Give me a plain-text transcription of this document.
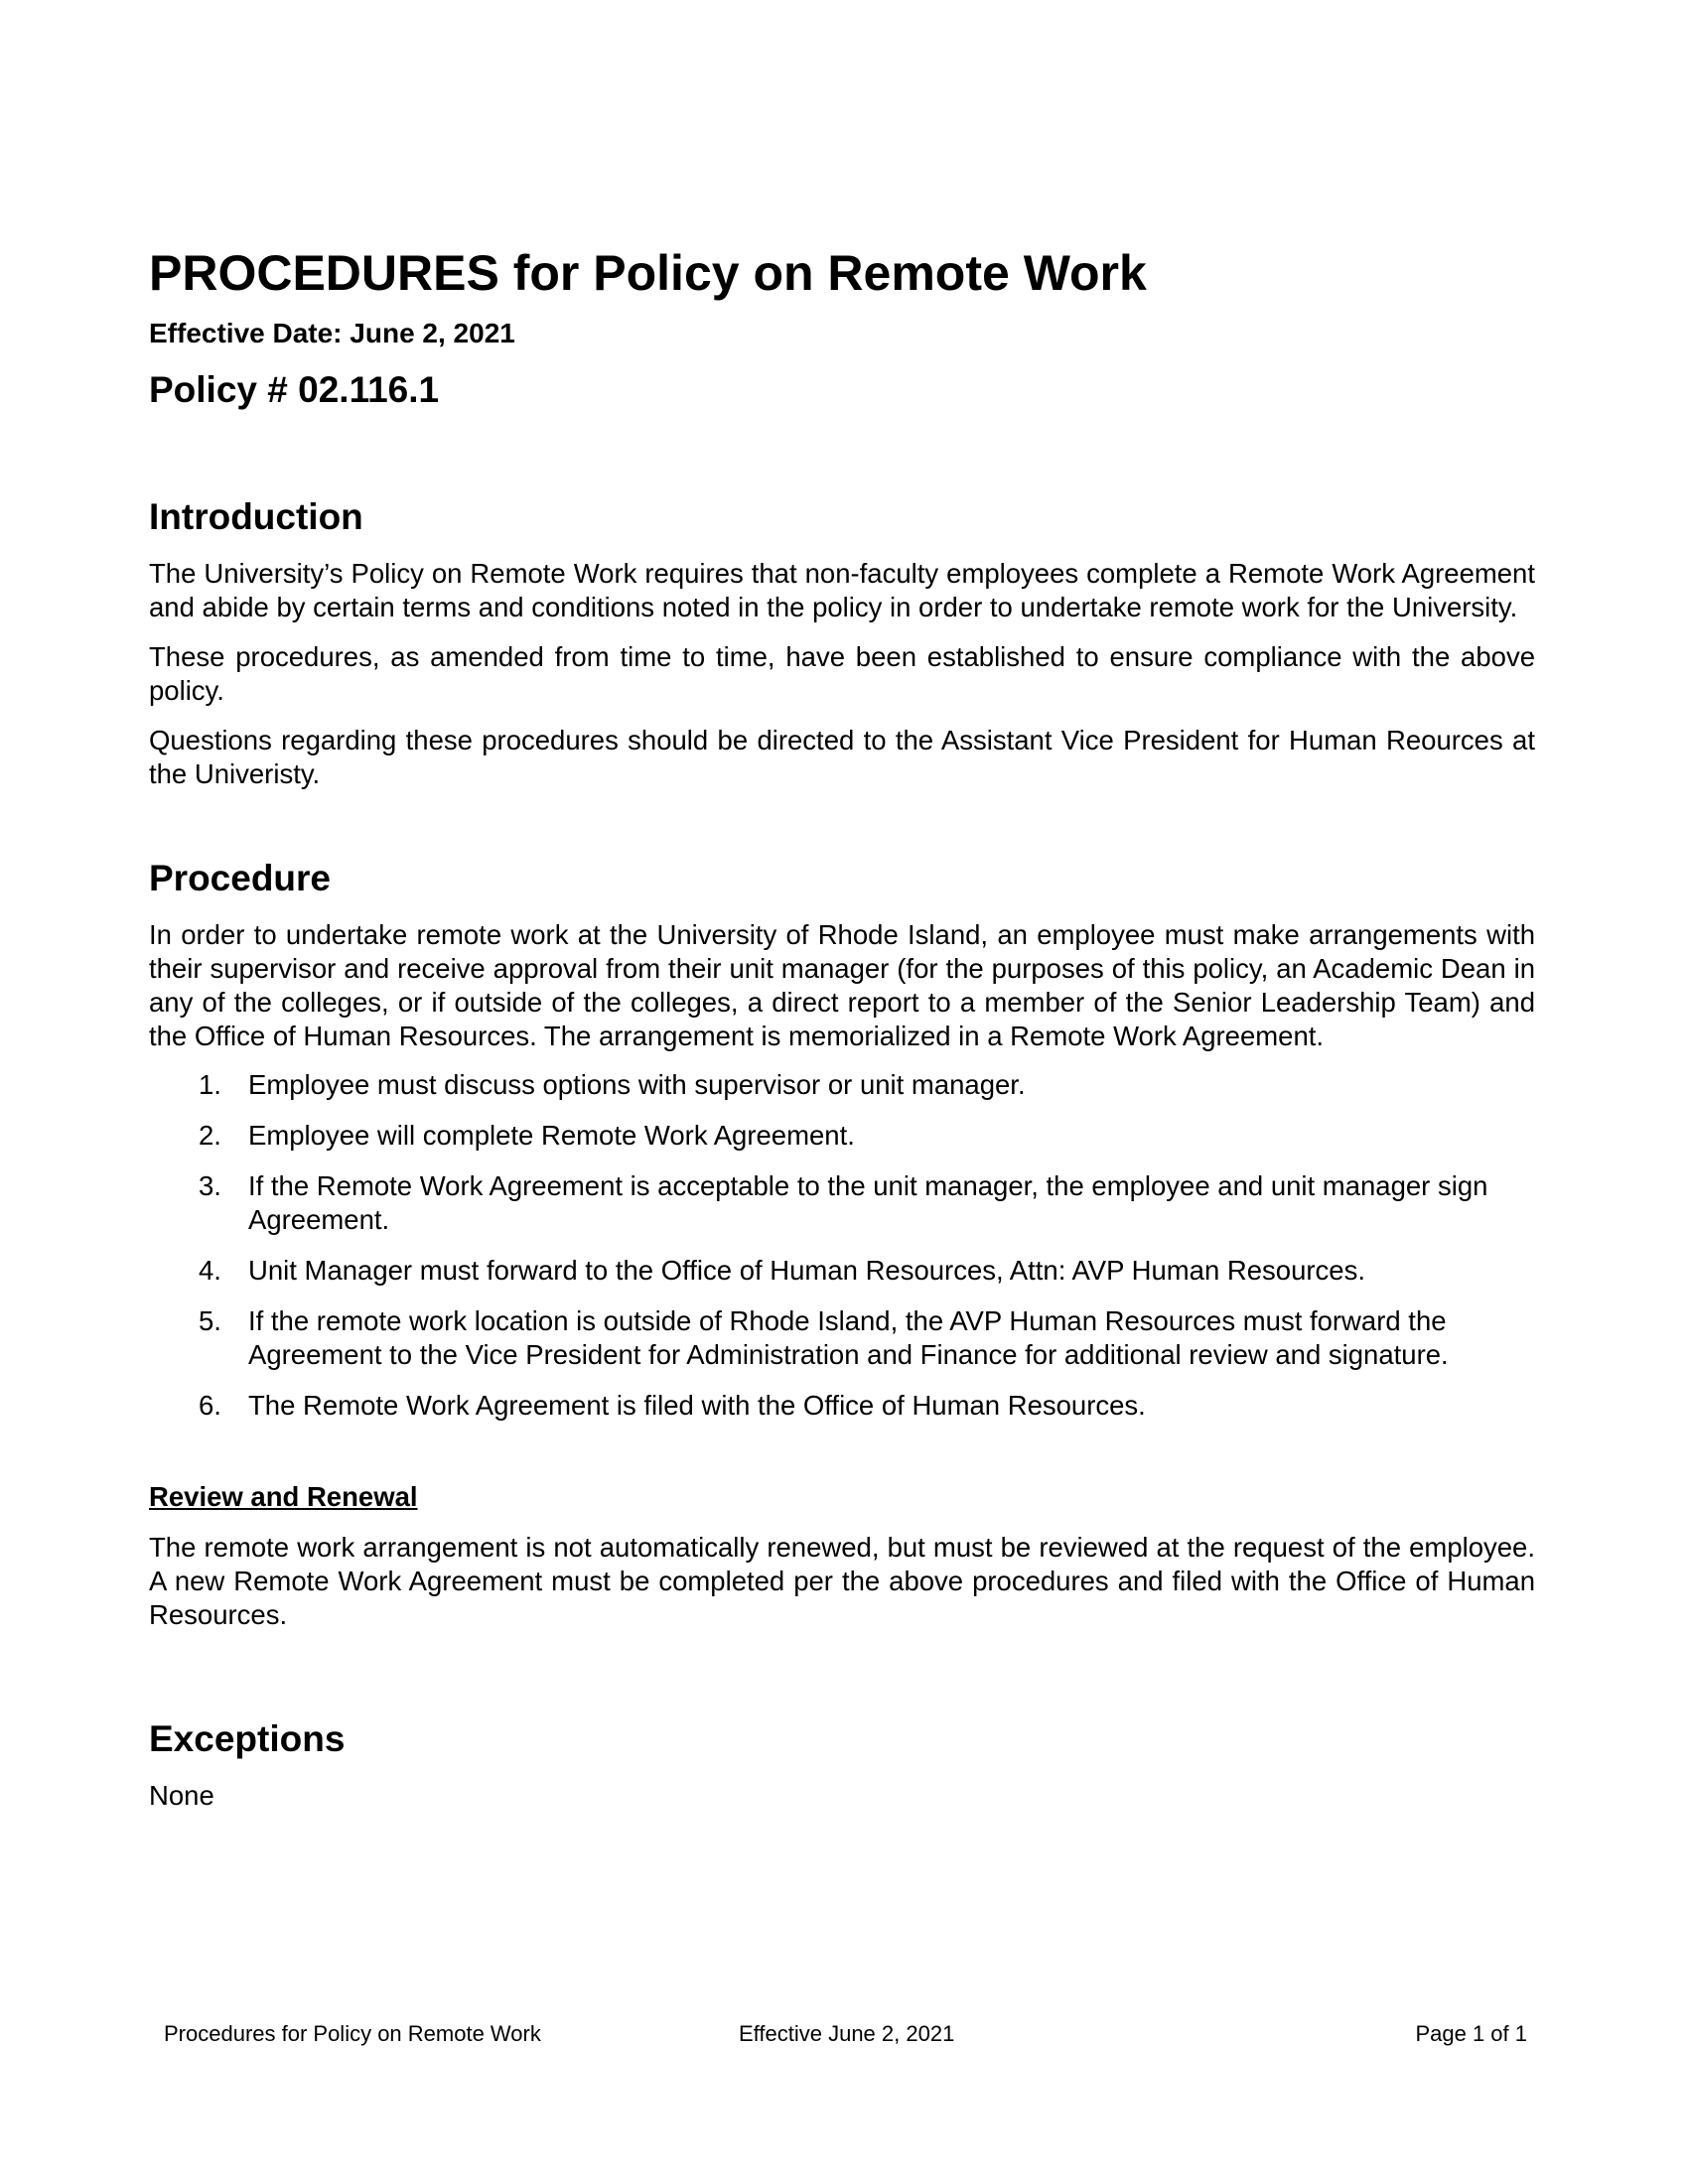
PROCEDURES for Policy on Remote Work

Effective Date: June 2, 2021

Policy # 02.116.1

Introduction

The University’s Policy on Remote Work requires that non-faculty employees complete a Remote Work Agreement and abide by certain terms and conditions noted in the policy in order to undertake remote work for the University.

These procedures, as amended from time to time, have been established to ensure compliance with the above policy.

Questions regarding these procedures should be directed to the Assistant Vice President for Human Reources at the Univeristy.

Procedure

In order to undertake remote work at the University of Rhode Island, an employee must make arrangements with their supervisor and receive approval from their unit manager (for the purposes of this policy, an Academic Dean in any of the colleges, or if outside of the colleges, a direct report to a member of the Senior Leadership Team) and the Office of Human Resources. The arrangement is memorialized in a Remote Work Agreement.

1. Employee must discuss options with supervisor or unit manager.
2. Employee will complete Remote Work Agreement.
3. If the Remote Work Agreement is acceptable to the unit manager, the employee and unit manager sign Agreement.
4. Unit Manager must forward to the Office of Human Resources, Attn: AVP Human Resources.
5. If the remote work location is outside of Rhode Island, the AVP Human Resources must forward the Agreement to the Vice President for Administration and Finance for additional review and signature.
6. The Remote Work Agreement is filed with the Office of Human Resources.
Review and Renewal

The remote work arrangement is not automatically renewed, but must be reviewed at the request of the employee. A new Remote Work Agreement must be completed per the above procedures and filed with the Office of Human Resources.

Exceptions

None

Procedures for Policy on Remote Work	Effective June 2, 2021	Page 1 of 1
